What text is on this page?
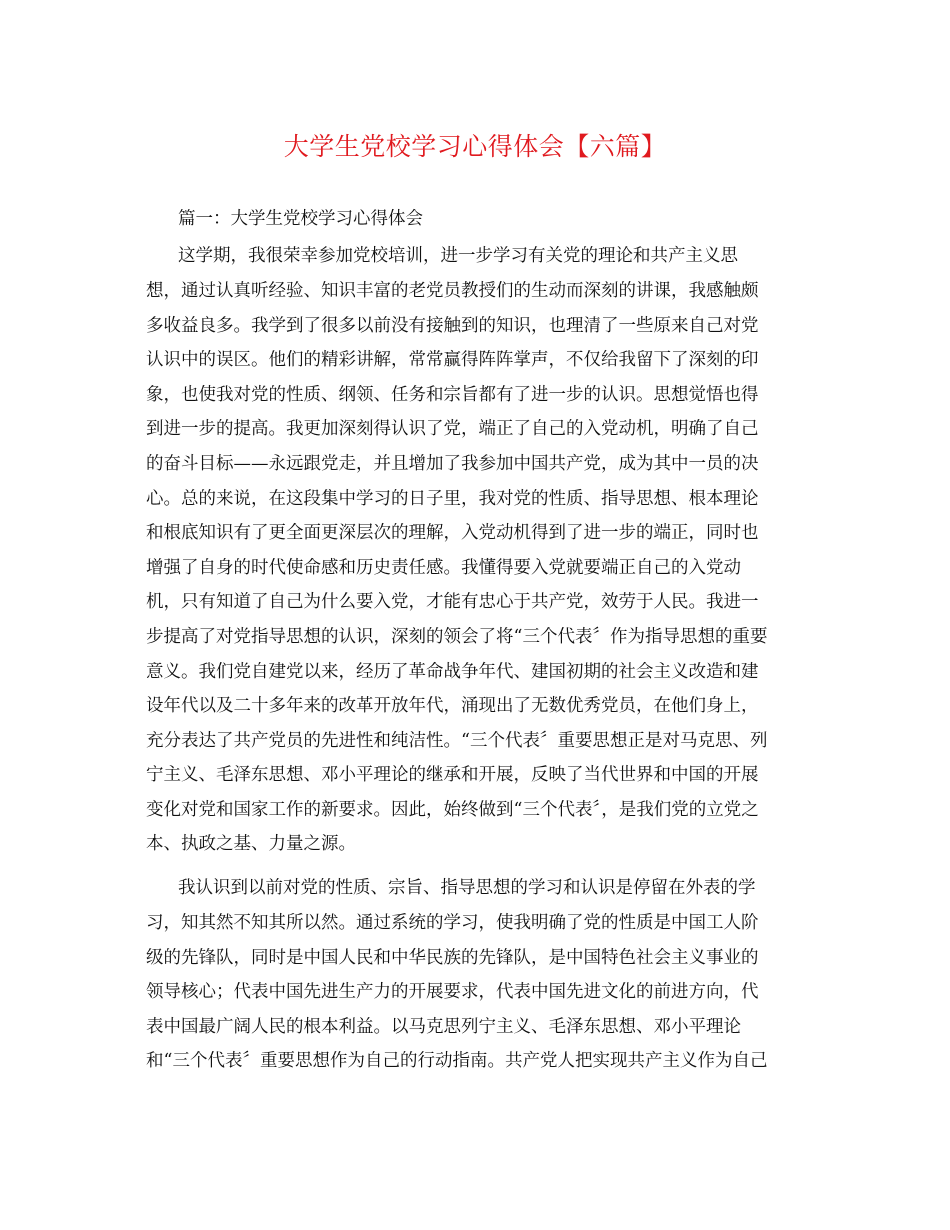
大学生党校学习心得体会【六篇】
篇一：大学生党校学习心得体会
这学期，我很荣幸参加党校培训，进一步学习有关党的理论和共产主义思
想，通过认真听经验、知识丰富的老党员教授们的生动而深刻的讲课，我感触颇
多收益良多。我学到了很多以前没有接触到的知识，也理清了一些原来自己对党
认识中的误区。他们的精彩讲解，常常赢得阵阵掌声，不仅给我留下了深刻的印
象，也使我对党的性质、纲领、任务和宗旨都有了进一步的认识。思想觉悟也得
到进一步的提高。我更加深刻得认识了党，端正了自己的入党动机，明确了自己
的奋斗目标——永远跟党走，并且增加了我参加中国共产党，成为其中一员的决
心。总的来说，在这段集中学习的日子里，我对党的性质、指导思想、根本理论
和根底知识有了更全面更深层次的理解，入党动机得到了进一步的端正，同时也
增强了自身的时代使命感和历史责任感。我懂得要入党就要端正自己的入党动
机，只有知道了自己为什么要入党，才能有忠心于共产党，效劳于人民。我进一
步提高了对党指导思想的认识，深刻的领会了将“三个代表〞作为指导思想的重要
意义。我们党自建党以来，经历了革命战争年代、建国初期的社会主义改造和建
设年代以及二十多年来的改革开放年代，涌现出了无数优秀党员，在他们身上，
充分表达了共产党员的先进性和纯洁性。“三个代表〞重要思想正是对马克思、列
宁主义、毛泽东思想、邓小平理论的继承和开展，反映了当代世界和中国的开展
变化对党和国家工作的新要求。因此，始终做到“三个代表〞，是我们党的立党之
本、执政之基、力量之源。
我认识到以前对党的性质、宗旨、指导思想的学习和认识是停留在外表的学
习，知其然不知其所以然。通过系统的学习，使我明确了党的性质是中国工人阶
级的先锋队，同时是中国人民和中华民族的先锋队，是中国特色社会主义事业的
领导核心；代表中国先进生产力的开展要求，代表中国先进文化的前进方向，代
表中国最广阔人民的根本利益。以马克思列宁主义、毛泽东思想、邓小平理论
和“三个代表〞重要思想作为自己的行动指南。共产党人把实现共产主义作为自己
